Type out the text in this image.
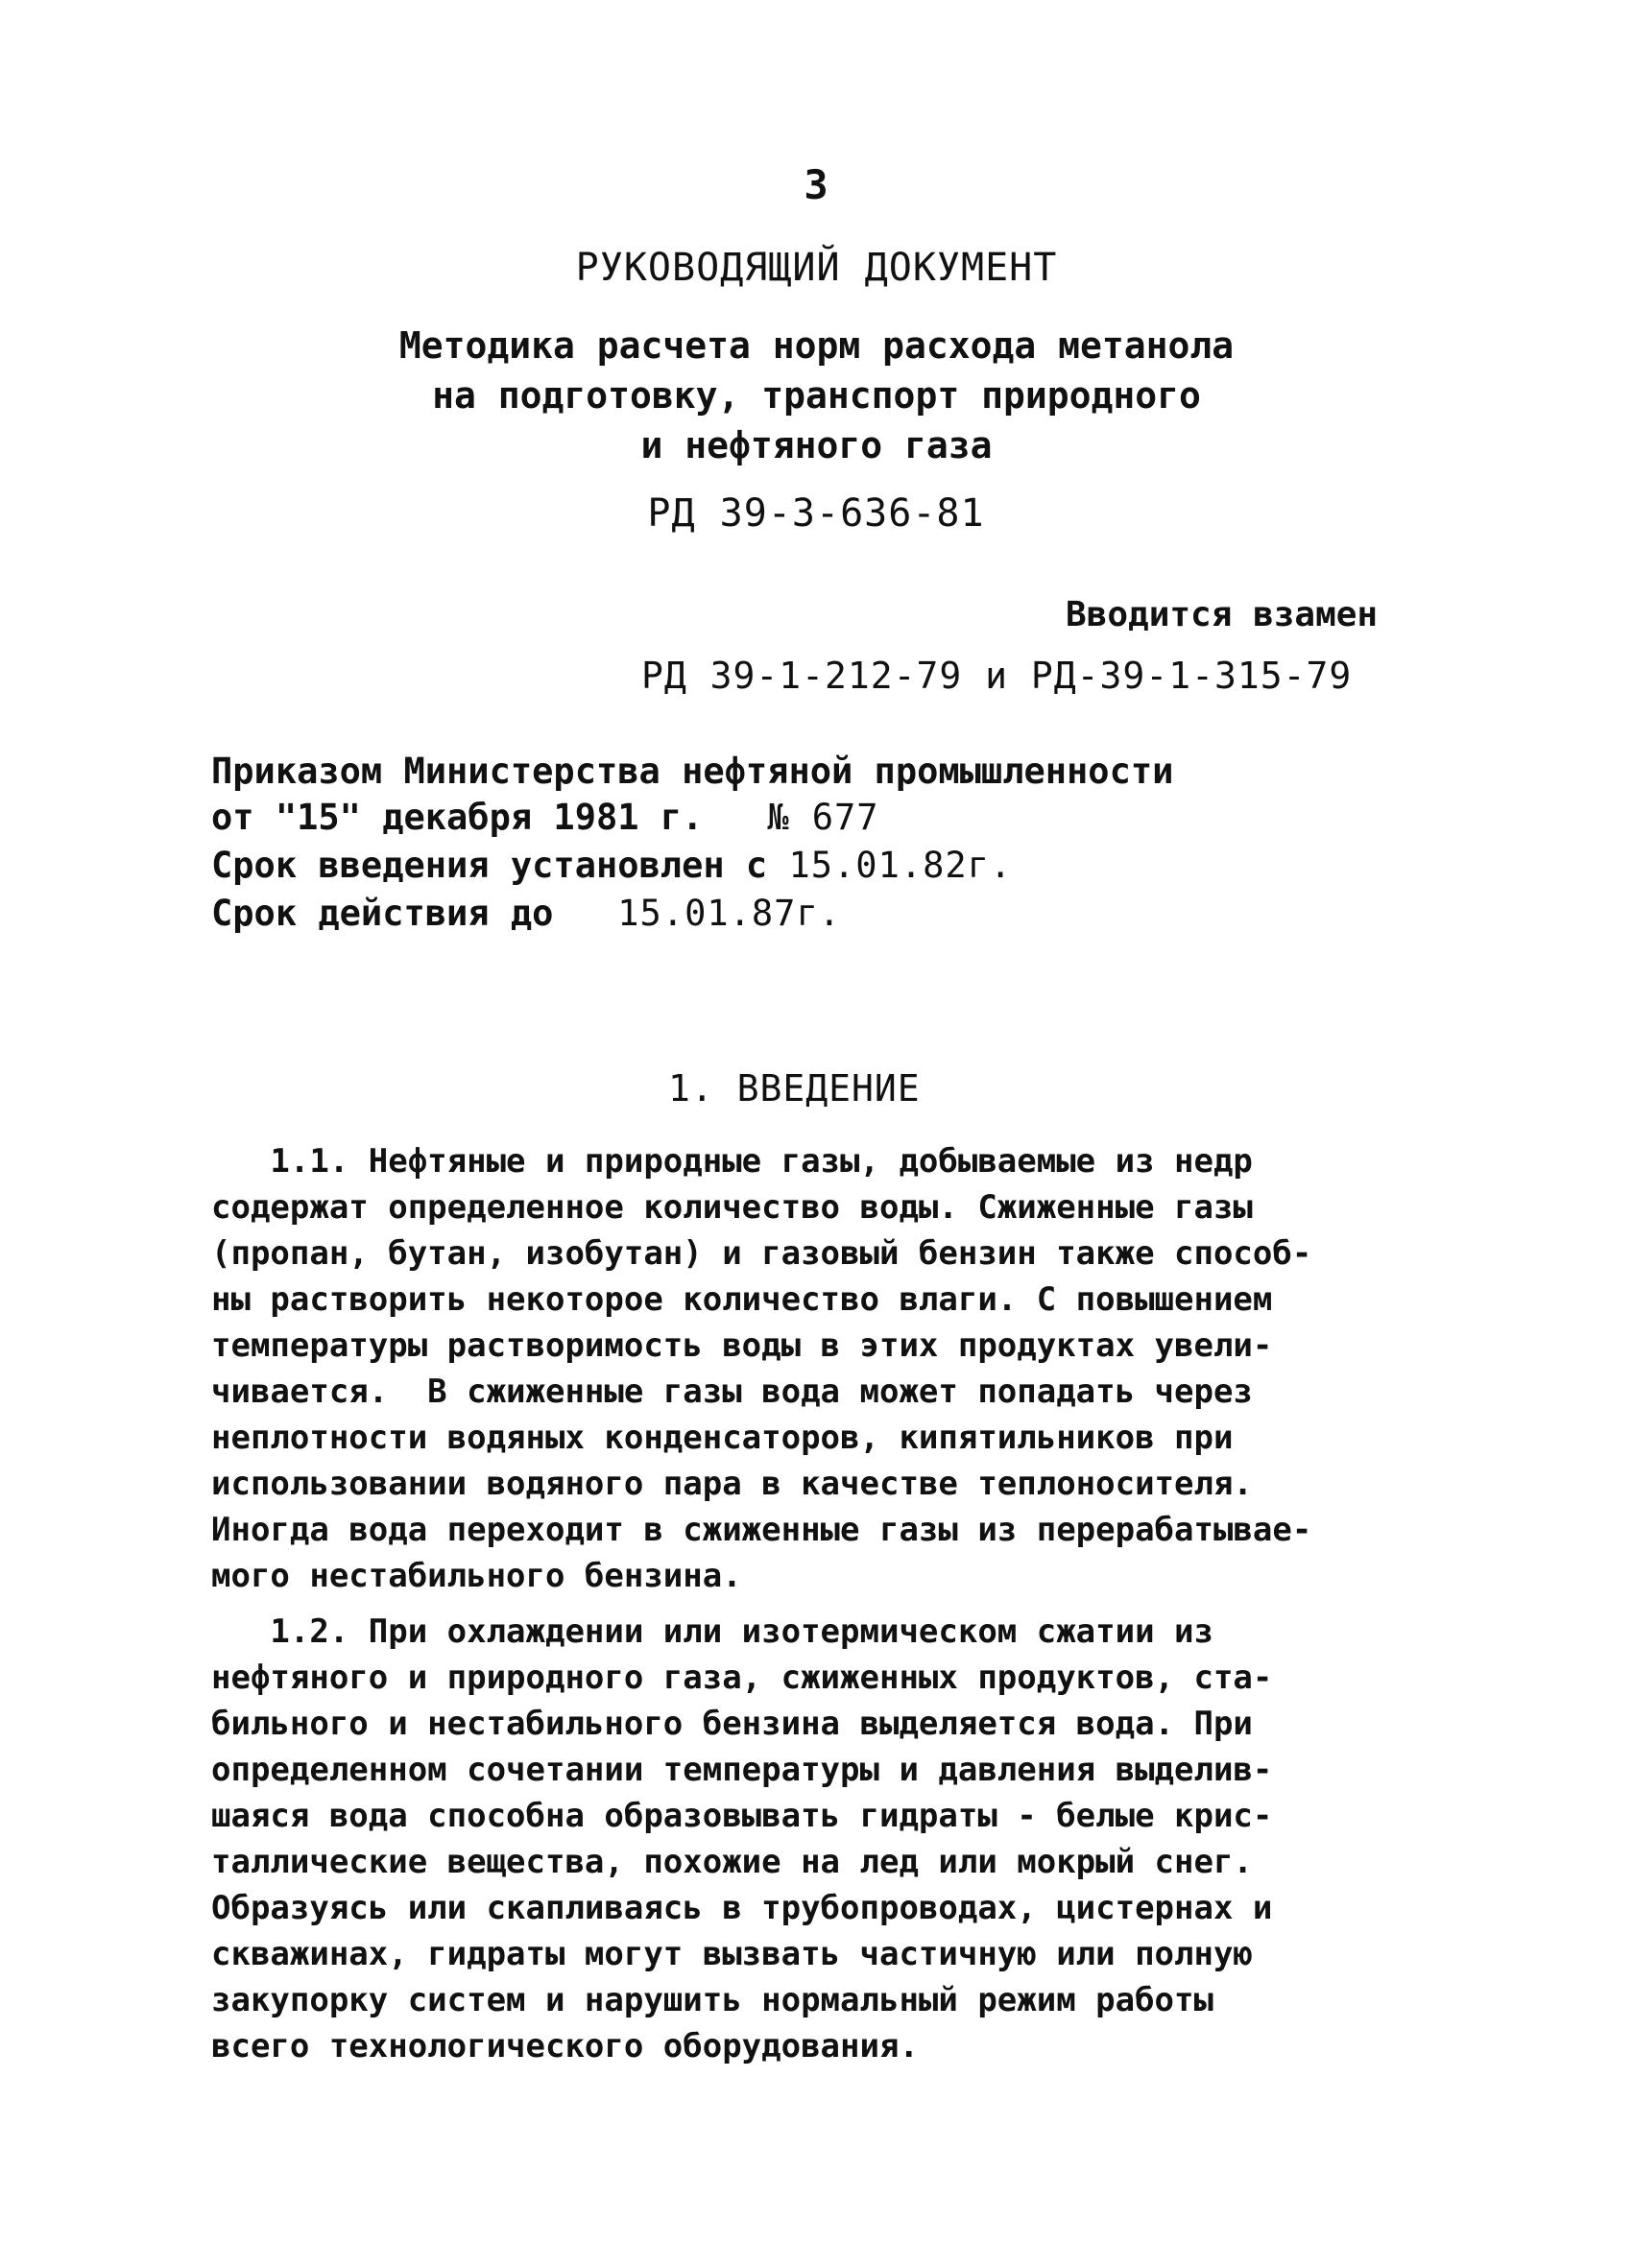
3
РУКОВОДЯЩИЙ ДОКУМЕНТ
Методика расчета норм расхода метанола
на подготовку, транспорт природного
и нефтяного газа
РД 39-3-636-81
Вводится взамен
РД 39-1-212-79 и РД-39-1-315-79
Приказом Министерства нефтяной промышленности
от "15" декабря 1981 г. № 677
Срок введения установлен с 15.01.82г.
Срок действия до 15.01.87г.
1. ВВЕДЕНИЕ
1.1. Нефтяные и природные газы, добываемые из недр
содержат определенное количество воды. Сжиженные газы
(пропан, бутан, изобутан) и газовый бензин также способ-
ны растворить некоторое количество влаги. С повышением
температуры растворимость воды в этих продуктах увели-
чивается.  В сжиженные газы вода может попадать через
неплотности водяных конденсаторов, кипятильников при
использовании водяного пара в качестве теплоносителя.
Иногда вода переходит в сжиженные газы из перерабатывае-
мого нестабильного бензина.
1.2. При охлаждении или изотермическом сжатии из
нефтяного и природного газа, сжиженных продуктов, ста-
бильного и нестабильного бензина выделяется вода. При
определенном сочетании температуры и давления выделив-
шаяся вода способна образовывать гидраты - белые крис-
таллические вещества, похожие на лед или мокрый снег.
Образуясь или скапливаясь в трубопроводах, цистернах и
скважинах, гидраты могут вызвать частичную или полную
закупорку систем и нарушить нормальный режим работы
всего технологического оборудования.
